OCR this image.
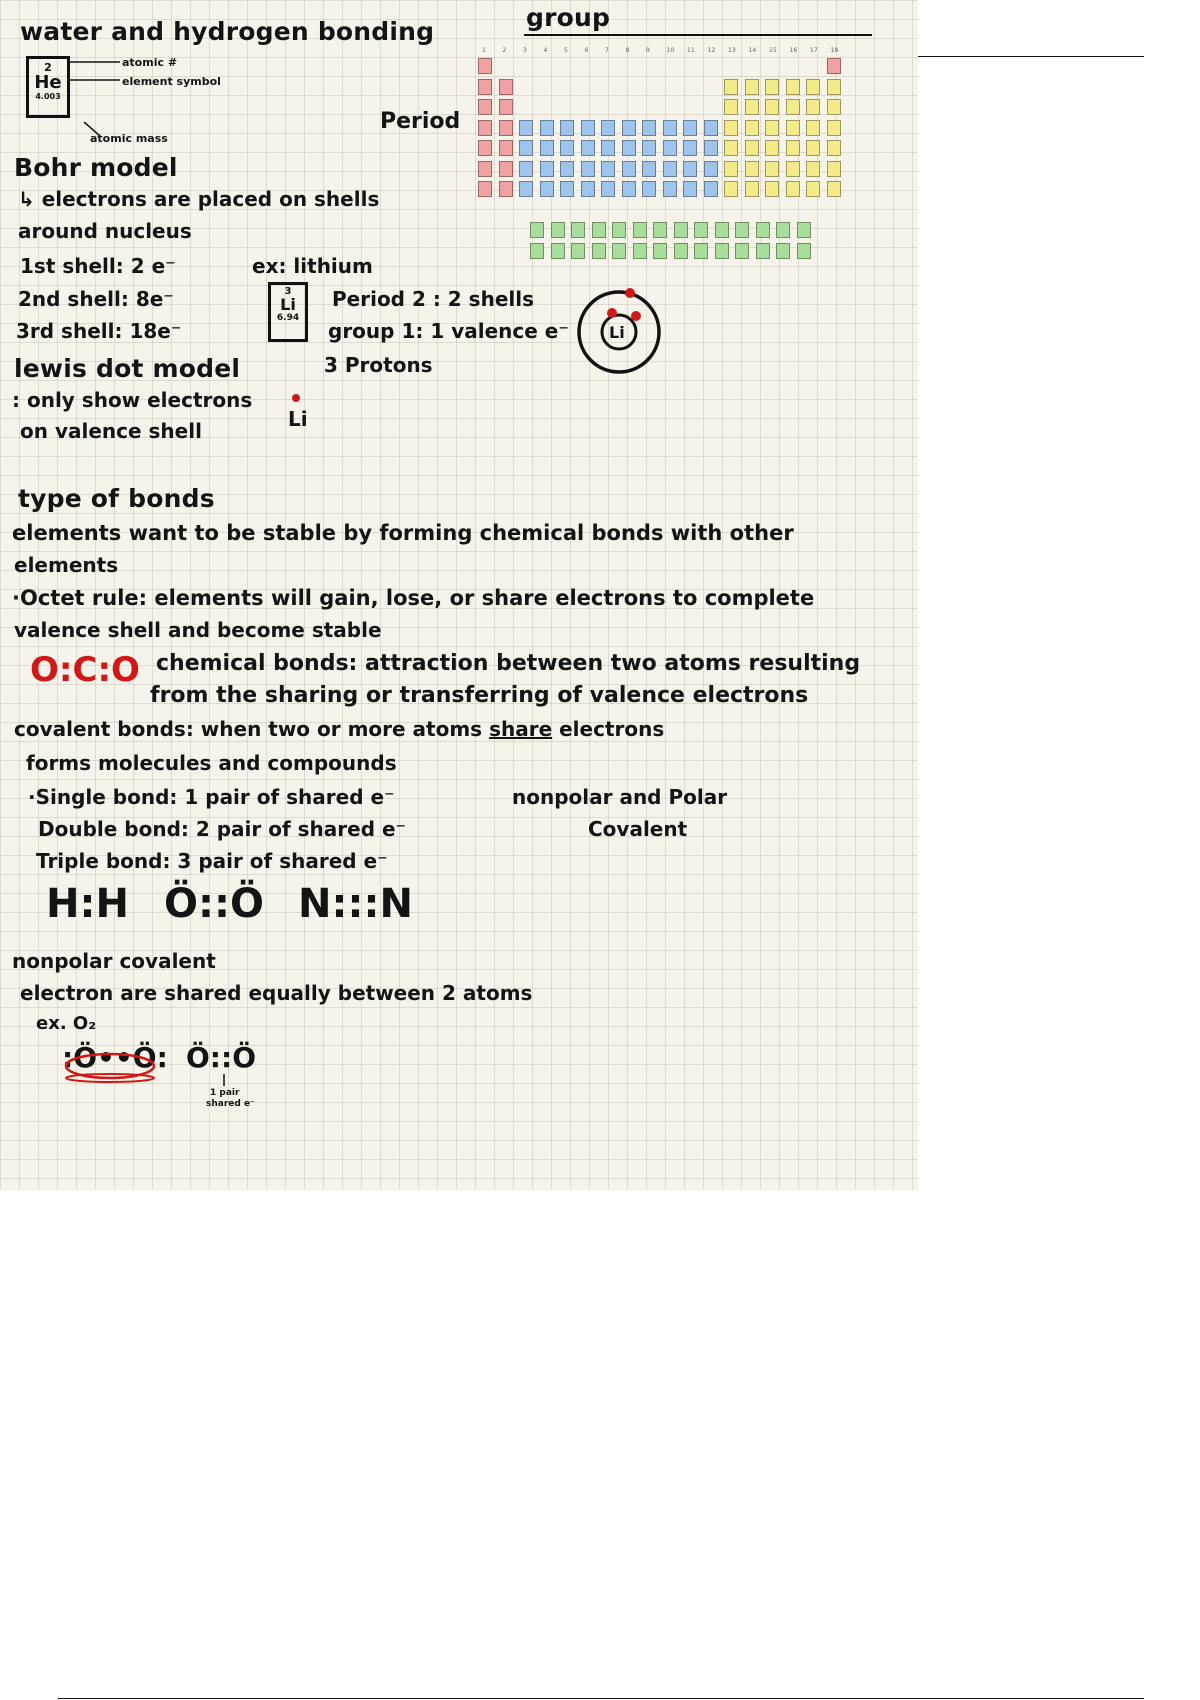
water and hydrogen bonding	group
Period
2
He
4.003
atomic #
element symbol
atomic mass
1	2	3	4	5	6	7	8	9	10 11 12 13 14 15 16 17 18
Bohr model
↳ electrons are placed on shells
around nucleus
1st shell: 2 e⁻
2nd shell: 8e⁻
3rd shell: 18e⁻
ex: lithium
3
Li
6.94
Period 2 : 2 shells
group 1: 1 valence e⁻
3 Protons
Li
lewis dot model
: only show electrons
on valence shell	Li
type of bonds
elements want to be stable by forming chemical bonds with other
elements
·Octet rule: elements will gain, lose, or share electrons to complete
valence shell and become stable
O:C:O chemical bonds: attraction between two atoms resulting
from the sharing or transferring of valence electrons
covalent bonds: when two or more atoms share electrons
forms molecules and compounds
·Single bond: 1 pair of shared e⁻
Double bond: 2 pair of shared e⁻
Triple bond: 3 pair of shared e⁻
nonpolar and Polar
Covalent
H:H Ö::Ö N:::N
nonpolar covalent
electron are shared equally between 2 atoms
ex. O₂
:Ö••Ö: Ö::Ö
1 pair
shared e⁻
